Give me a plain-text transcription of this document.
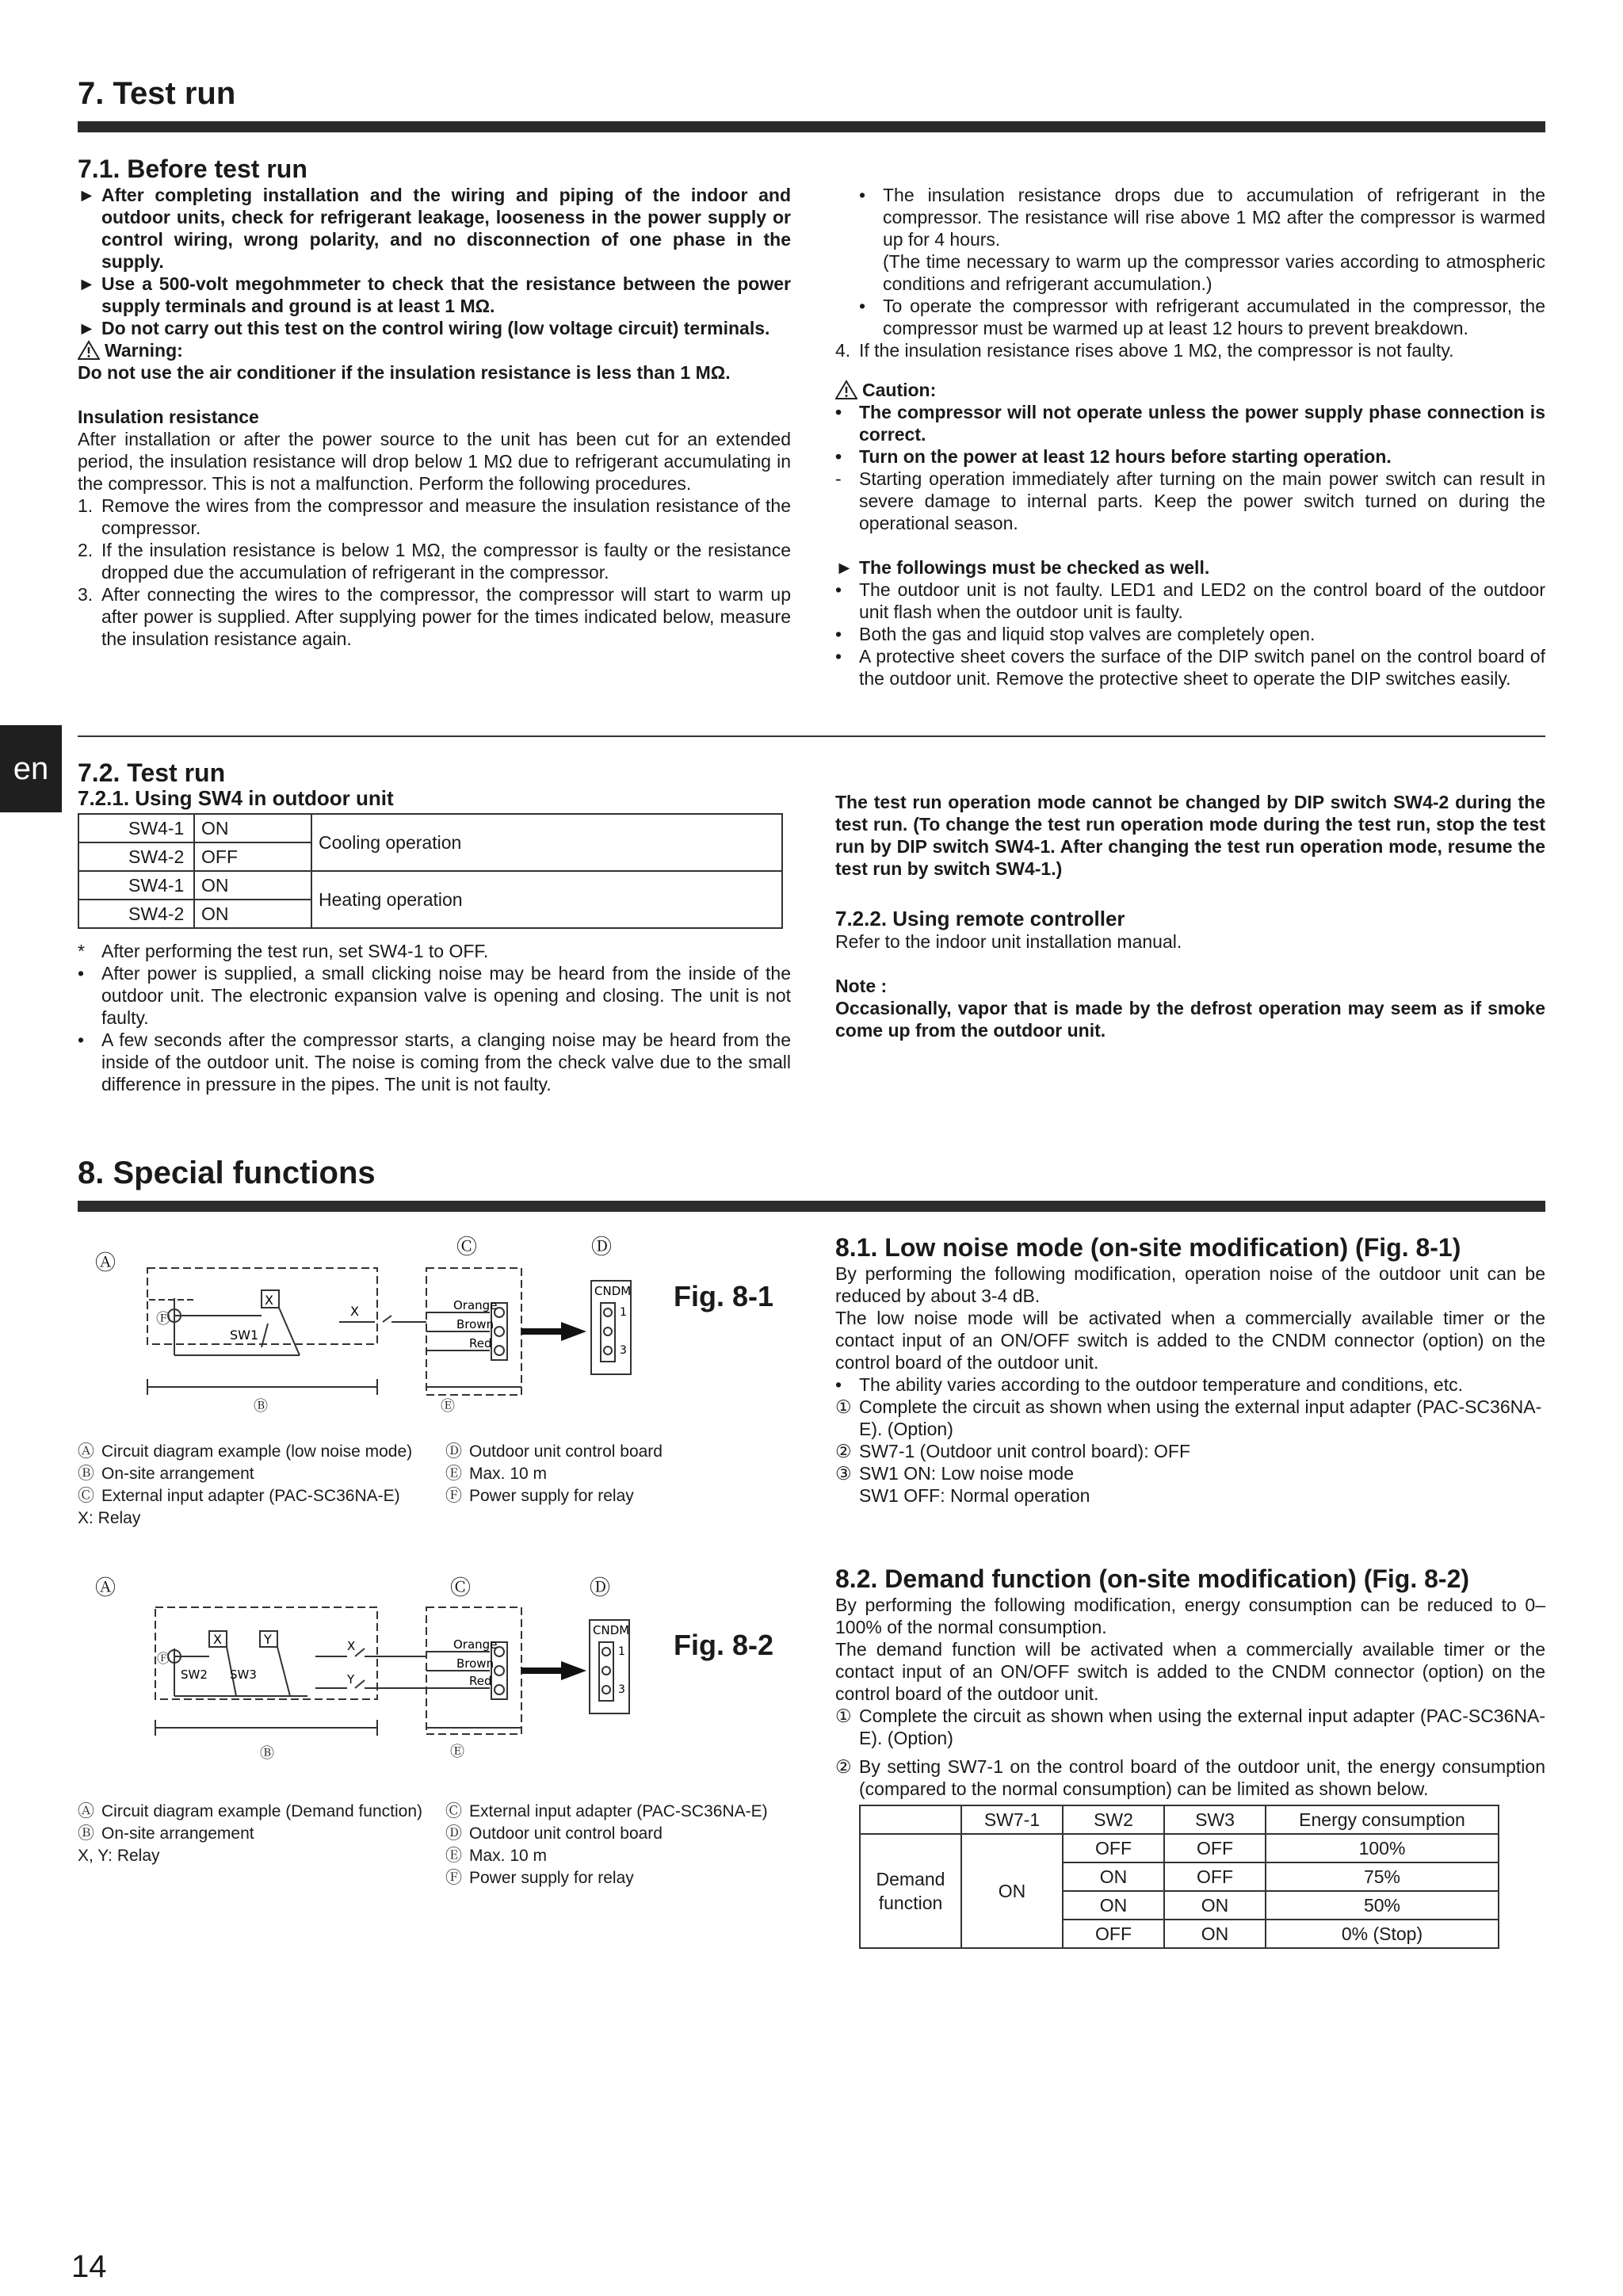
7. Test run
7.1. Before test run
► After completing installation and the wiring and piping of the indoor and outdoor units, check for refrigerant leakage, looseness in the power supply or control wiring, wrong polarity, and no disconnection of one phase in the supply.
► Use a 500-volt megohmmeter to check that the resistance between the power supply terminals and ground is at least 1 MΩ.
► Do not carry out this test on the control wiring (low voltage circuit) terminals.
Warning:

Do not use the air conditioner if the insulation resistance is less than 1 MΩ.

Insulation resistance

After installation or after the power source to the unit has been cut for an extended period, the insulation resistance will drop below 1 MΩ due to refrigerant accumulating in the compressor. This is not a malfunction. Perform the following procedures.

1. Remove the wires from the compressor and measure the insulation resistance of the compressor.
2. If the insulation resistance is below 1 MΩ, the compressor is faulty or the resistance dropped due the accumulation of refrigerant in the compressor.
3. After connecting the wires to the compressor, the compressor will start to warm up after power is supplied. After supplying power for the times indicated below, measure the insulation resistance again.
• The insulation resistance drops due to accumulation of refrigerant in the compressor. The resistance will rise above 1 MΩ after the compressor is warmed up for 4 hours.
(The time necessary to warm up the compressor varies according to atmospheric conditions and refrigerant accumulation.)
• To operate the compressor with refrigerant accumulated in the compressor, the compressor must be warmed up at least 12 hours to prevent breakdown.
4. If the insulation resistance rises above 1 MΩ, the compressor is not faulty.
Caution:
• The compressor will not operate unless the power supply phase connection is correct.
• Turn on the power at least 12 hours before starting operation.
- Starting operation immediately after turning on the main power switch can result in severe damage to internal parts. Keep the power switch turned on during the operational season.
► The followings must be checked as well.
• The outdoor unit is not faulty. LED1 and LED2 on the control board of the outdoor unit flash when the outdoor unit is faulty.
• Both the gas and liquid stop valves are completely open.
• A protective sheet covers the surface of the DIP switch panel on the control board of the outdoor unit. Remove the protective sheet to operate the DIP switches easily.
en	7.2. Test run
7.2.1. Using SW4 in outdoor unit
SW4-1	ON	Cooling operation
SW4-2	OFF	
SW4-1	ON	Heating operation
SW4-2	ON	
* After performing the test run, set SW4-1 to OFF.
• After power is supplied, a small clicking noise may be heard from the inside of the outdoor unit. The electronic expansion valve is opening and closing. The unit is not faulty.
• A few seconds after the compressor starts, a clanging noise may be heard from the inside of the outdoor unit. The noise is coming from the check valve due to the small difference in pressure in the pipes. The unit is not faulty.

The test run operation mode cannot be changed by DIP switch SW4-2 during the test run. (To change the test run operation mode during the test run, stop the test run by DIP switch SW4-1. After changing the test run operation mode, resume the test run by switch SW4-1.)

7.2.2. Using remote controller

Refer to the indoor unit installation manual.

Note :

Occasionally, vapor that is made by the defrost operation may seem as if smoke come up from the outdoor unit.

8. Special functions
Ⓐ
Ⓒ	Ⓓ
Ⓕ
X
SW1
X	Orange
Brown
Red
CNDM
1
3
Ⓑ	Ⓔ
Fig. 8-1
Ⓐ Circuit diagram example (low noise mode)
Ⓑ On-site arrangement
Ⓒ External input adapter (PAC-SC36NA-E)
X: Relay
Ⓓ Outdoor unit control board
Ⓔ Max. 10 m
Ⓕ Power supply for relay
Ⓐ	Ⓒ	Ⓓ
Ⓕ
X	Y
SW2 SW3
X
Y
Orange
Brown
Red
CNDM
1
3
Ⓑ	Ⓔ
Fig. 8-2
Ⓐ Circuit diagram example (Demand function)
Ⓑ On-site arrangement
X, Y: Relay
Ⓒ External input adapter (PAC-SC36NA-E)
Ⓓ Outdoor unit control board
Ⓔ Max. 10 m
Ⓕ Power supply for relay
8.1. Low noise mode (on-site modification) (Fig. 8-1)

By performing the following modification, operation noise of the outdoor unit can be reduced by about 3-4 dB.

The low noise mode will be activated when a commercially available timer or the contact input of an ON/OFF switch is added to the CNDM connector (option) on the control board of the outdoor unit.

• The ability varies according to the outdoor temperature and conditions, etc.
① Complete the circuit as shown when using the external input adapter (PAC-SC36NA-E). (Option)
② SW7-1 (Outdoor unit control board): OFF
③ SW1 ON: Low noise mode
SW1 OFF: Normal operation
8.2. Demand function (on-site modification) (Fig. 8-2)

By performing the following modification, energy consumption can be reduced to 0–100% of the normal consumption.

The demand function will be activated when a commercially available timer or the contact input of an ON/OFF switch is added to the CNDM connector (option) on the control board of the outdoor unit.

① Complete the circuit as shown when using the external input adapter (PAC-SC36NA-E). (Option)
② By setting SW7-1 on the control board of the outdoor unit, the energy consumption (compared to the normal consumption) can be limited as shown below.
	SW7-1	SW2	SW3	Energy consumption
Demand function	ON	OFF	OFF	100%
		ON	OFF	75%
		ON	ON	50%
		OFF	ON	0% (Stop)
14
